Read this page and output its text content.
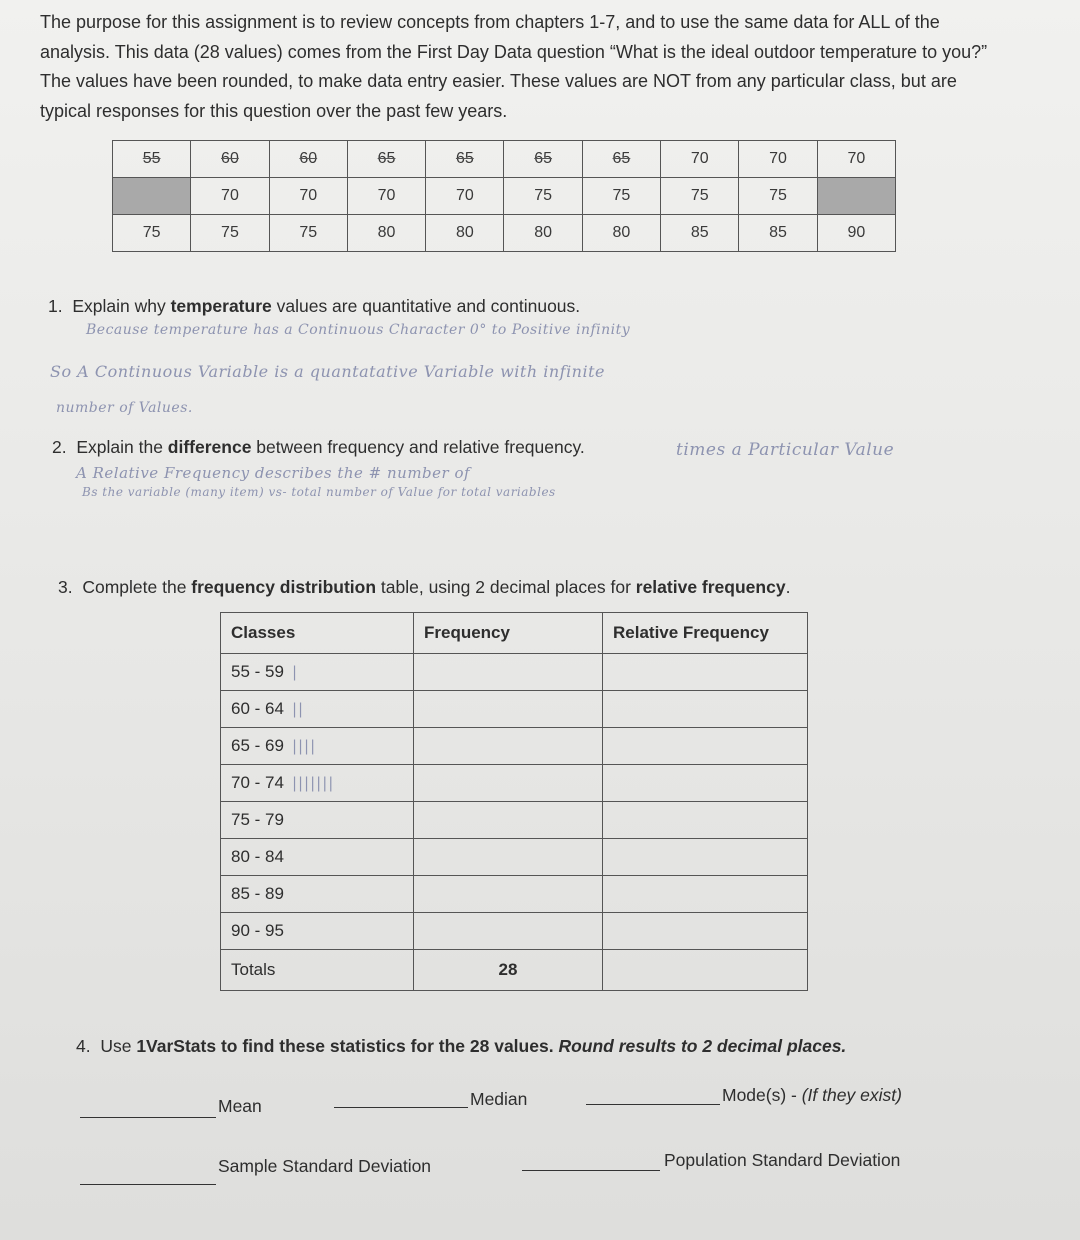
The purpose for this assignment is to review concepts from chapters 1-7, and to use the same data for ALL of the analysis. This data (28 values) comes from the First Day Data question “What is the ideal outdoor temperature to you?” The values have been rounded, to make data entry easier. These values are NOT from any particular class, but are typical responses for this question over the past few years.
55	60	60	65	65	65	65	70	70	70
	70	70	70	70	75	75	75	75	
75	75	75	80	80	80	80	85	85	90
1. Explain why temperature values are quantitative and continuous.
Because temperature has a Continuous Character 0° to Positive infinity
So A Continuous Variable is a quantatative Variable with infinite
number of Values.
2. Explain the difference between frequency and relative frequency.	times a Particular Value
A Relative Frequency describes the # number of
Bs the variable (many item) vs- total number of Value for total variables
3. Complete the frequency distribution table, using 2 decimal places for relative frequency.
Classes	Frequency	Relative Frequency
55 - 59 |		
60 - 64 ||		
65 - 69 ||||		
70 - 74 |||||||		
75 - 79		
80 - 84		
85 - 89		
90 - 95		
Totals	28	
4. Use 1VarStats to find these statistics for the 28 values. Round results to 2 decimal places.
Mean	Median	Mode(s) - (If they exist)
Sample Standard Deviation	Population Standard Deviation
